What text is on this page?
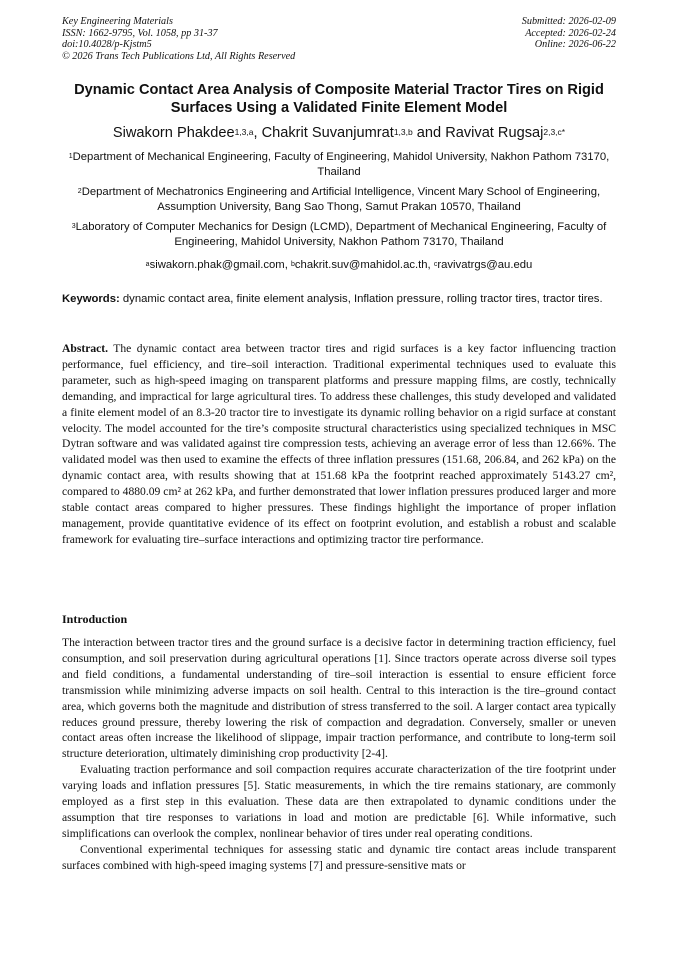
Key Engineering Materials
ISSN: 1662-9795, Vol. 1058, pp 31-37
doi:10.4028/p-Kjstm5
© 2026 Trans Tech Publications Ltd, All Rights Reserved
Submitted: 2026-02-09
Accepted: 2026-02-24
Online: 2026-06-22
Dynamic Contact Area Analysis of Composite Material Tractor Tires on Rigid Surfaces Using a Validated Finite Element Model
Siwakorn Phakdee$^{1,3,a}$, Chakrit Suvanjumrat$^{1,3,b}$ and Ravivat Rugsaj$^{2,3,c*}$
$^1$Department of Mechanical Engineering, Faculty of Engineering, Mahidol University, Nakhon Pathom 73170, Thailand
$^2$Department of Mechatronics Engineering and Artificial Intelligence, Vincent Mary School of Engineering, Assumption University, Bang Sao Thong, Samut Prakan 10570, Thailand
$^3$Laboratory of Computer Mechanics for Design (LCMD), Department of Mechanical Engineering, Faculty of Engineering, Mahidol University, Nakhon Pathom 73170, Thailand
$^a$siwakorn.phak@gmail.com, $^b$chakrit.suv@mahidol.ac.th, $^c$ravivatrgs@au.edu
Keywords: dynamic contact area, finite element analysis, Inflation pressure, rolling tractor tires, tractor tires.

Abstract. The dynamic contact area between tractor tires and rigid surfaces is a key factor influencing traction performance, fuel efficiency, and tire–soil interaction. Traditional experimental techniques used to evaluate this parameter, such as high-speed imaging on transparent platforms and pressure mapping films, are costly, technically demanding, and impractical for large agricultural tires. To address these challenges, this study developed and validated a finite element model of an 8.3-20 tractor tire to investigate its dynamic rolling behavior on a rigid surface at constant velocity. The model accounted for the tire’s composite structural characteristics using specialized techniques in MSC Dytran software and was validated against tire compression tests, achieving an average error of less than 12.66%. The validated model was then used to examine the effects of three inflation pressures (151.68, 206.84, and 262 kPa) on the dynamic contact area, with results showing that at 151.68 kPa the footprint reached approximately 5143.27 cm², compared to 4880.09 cm² at 262 kPa, and further demonstrated that lower inflation pressures produced larger and more stable contact areas compared to higher pressures. These findings highlight the importance of proper inflation management, provide quantitative evidence of its effect on footprint evolution, and establish a robust and scalable framework for evaluating tire–surface interactions and optimizing tractor tire performance.

Introduction

The interaction between tractor tires and the ground surface is a decisive factor in determining traction efficiency, fuel consumption, and soil preservation during agricultural operations [1]. Since tractors operate across diverse soil types and field conditions, a fundamental understanding of tire–soil interaction is essential to ensure efficient force transmission while minimizing adverse impacts on soil health. Central to this interaction is the tire–ground contact area, which governs both the magnitude and distribution of stress transferred to the soil. A larger contact area typically reduces ground pressure, thereby lowering the risk of compaction and degradation. Conversely, smaller or uneven contact areas often increase the likelihood of slippage, impair traction performance, and contribute to long-term soil structure deterioration, ultimately diminishing crop productivity [2-4].

Evaluating traction performance and soil compaction requires accurate characterization of the tire footprint under varying loads and inflation pressures [5]. Static measurements, in which the tire remains stationary, are commonly employed as a first step in this evaluation. These data are then extrapolated to dynamic conditions under the assumption that tire responses to variations in load and motion are predictable [6]. While informative, such simplifications can overlook the complex, nonlinear behavior of tires under real operating conditions.

Conventional experimental techniques for assessing static and dynamic tire contact areas include transparent surfaces combined with high-speed imaging systems [7] and pressure-sensitive mats or
